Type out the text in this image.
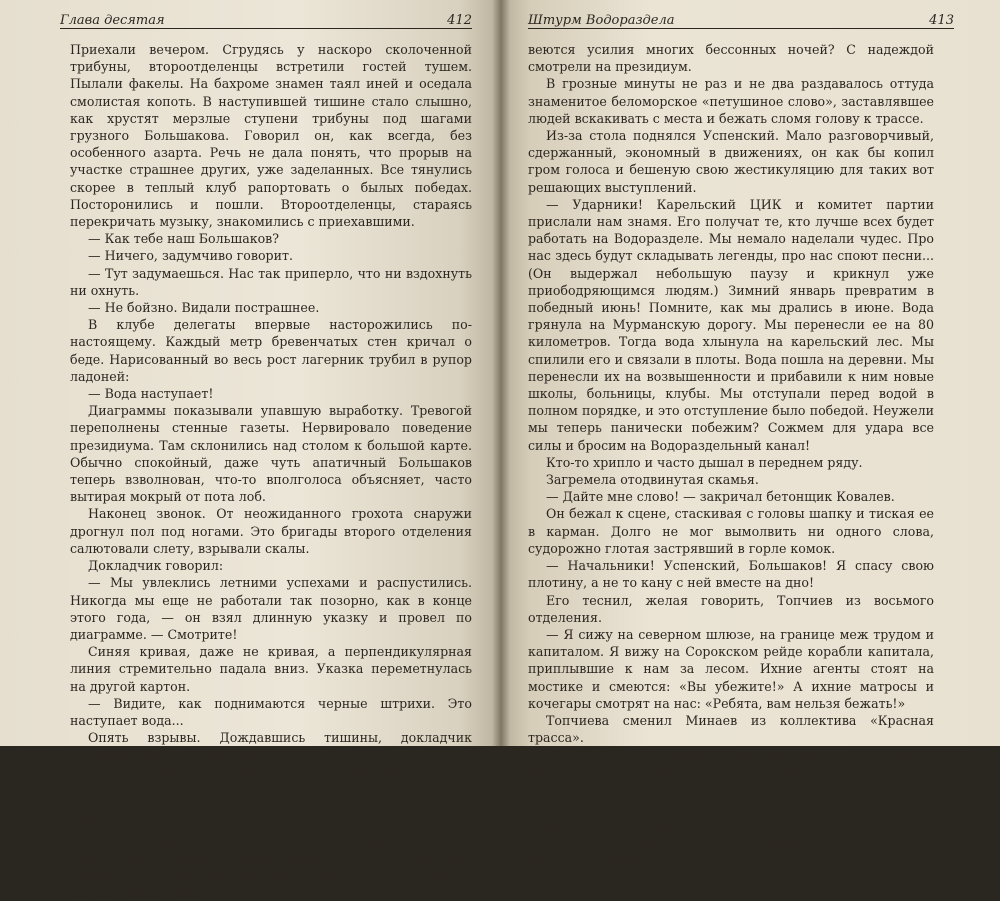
Глава десятая	412

Приехали вечером. Сгрудясь у наскоро сколоченной трибуны, второотделенцы встретили гостей тушем. Пылали факелы. На бахроме знамен таял иней и оседала смолистая копоть. В наступившей тишине стало слышно, как хрустят мерзлые ступени трибуны под шагами грузного Большакова. Говорил он, как всегда, без особенного азарта. Речь не дала понять, что прорыв на участке страшнее других, уже заделанных. Все тянулись скорее в теплый клуб рапортовать о былых победах. Посторонились и пошли. Второотделенцы, стараясь перекричать музыку, знакомились с приехавшими.

— Как тебе наш Большаков?

— Ничего, задумчиво говорит.

— Тут задумаешься. Нас так приперло, что ни вздохнуть ни охнуть.

— Не бойзно. Видали пострашнее.

В клубе делегаты впервые насторожились по-настоящему. Каждый метр бревенчатых стен кричал о беде. Нарисованный во весь рост лагерник трубил в рупор ладоней:

— Вода наступает!

Диаграммы показывали упавшую выработку. Тревогой переполнены стенные газеты. Нервировало поведение президиума. Там склонились над столом к большой карте. Обычно спокойный, даже чуть апатичный Большаков теперь взволнован, что-то вполголоса объясняет, часто вытирая мокрый от пота лоб.

Наконец звонок. От неожиданного грохота снаружи дрогнул пол под ногами. Это бригады второго отделения салютовали слету, взрывали скалы.

Докладчик говорил:

— Мы увлеклись летними успехами и распустились. Никогда мы еще не работали так позорно, как в конце этого года, — он взял длинную указку и провел по диаграмме. — Смотрите!

Синяя кривая, даже не кривая, а перпендикулярная линия стремительно падала вниз. Указка переметнулась на другой картон.

— Видите, как поднимаются черные штрихи. Это наступает вода...

Опять взрывы. Дождавшись тишины, докладчик выговорил самое страшное:

— Вода подступила к самому горлу. Она может сбросить нас в Онего, разметать шлюзы Повенчанки, умчать наши знамена, почетные грамоты, славу — все, чего мы добились...

Многие опускали головы, прятали в карманы руки, ежась, как от холода. Кому нужны заготовленные ими рапорты о былых победах? Кто будет слушать их, когда вот-вот прахом раз-

Штурм Водораздела	413

веются усилия многих бессонных ночей? С надеждой смотрели на президиум.

В грозные минуты не раз и не два раздавалось оттуда знаменитое беломорское «петушиное слово», заставлявшее людей вскакивать с места и бежать сломя голову к трассе.

Из-за стола поднялся Успенский. Мало разговорчивый, сдержанный, экономный в движениях, он как бы копил гром голоса и бешеную свою жестикуляцию для таких вот решающих выступлений.

— Ударники! Карельский ЦИК и комитет партии прислали нам знамя. Его получат те, кто лучше всех будет работать на Водоразделе. Мы немало наделали чудес. Про нас здесь будут складывать легенды, про нас споют песни... (Он выдержал небольшую паузу и крикнул уже приободряющимся людям.) Зимний январь превратим в победный июнь! Помните, как мы дрались в июне. Вода грянула на Мурманскую дорогу. Мы перенесли ее на 80 километров. Тогда вода хлынула на карельский лес. Мы спилили его и связали в плоты. Вода пошла на деревни. Мы перенесли их на возвышенности и прибавили к ним новые школы, больницы, клубы. Мы отступали перед водой в полном порядке, и это отступление было победой. Неужели мы теперь панически побежим? Сожмем для удара все силы и бросим на Водораздельный канал!

Кто-то хрипло и часто дышал в переднем ряду.

Загремела отодвинутая скамья.

— Дайте мне слово! — закричал бетонщик Ковалев.

Он бежал к сцене, стаскивая с головы шапку и тиская ее в карман. Долго не мог вымолвить ни одного слова, судорожно глотая застрявший в горле комок.

— Начальники! Успенский, Большаков! Я спасу свою плотину, а не то кану с ней вместе на дно!

Его теснил, желая говорить, Топчиев из восьмого отделения.

— Я сижу на северном шлюзе, на границе меж трудом и капиталом. Я вижу на Сорокском рейде корабли капитала, приплывшие к нам за лесом. Ихние агенты стоят на мостике и смеются: «Вы убежите!» А ихние матросы и кочегары смотрят на нас: «Ребята, вам нельзя бежать!»

Топчиева сменил Минаев из коллектива «Красная трасса».

— В помощь Водоразделу мы даем лучших ударников. Пусть все другие бригады делают то же, пусть выделяют и шлют!

Центральный штаб соревнования и ударничества сформулировал «петушиное слово»:

«Всем начальникам отделений, техперсоналу, каналоармейцам»
